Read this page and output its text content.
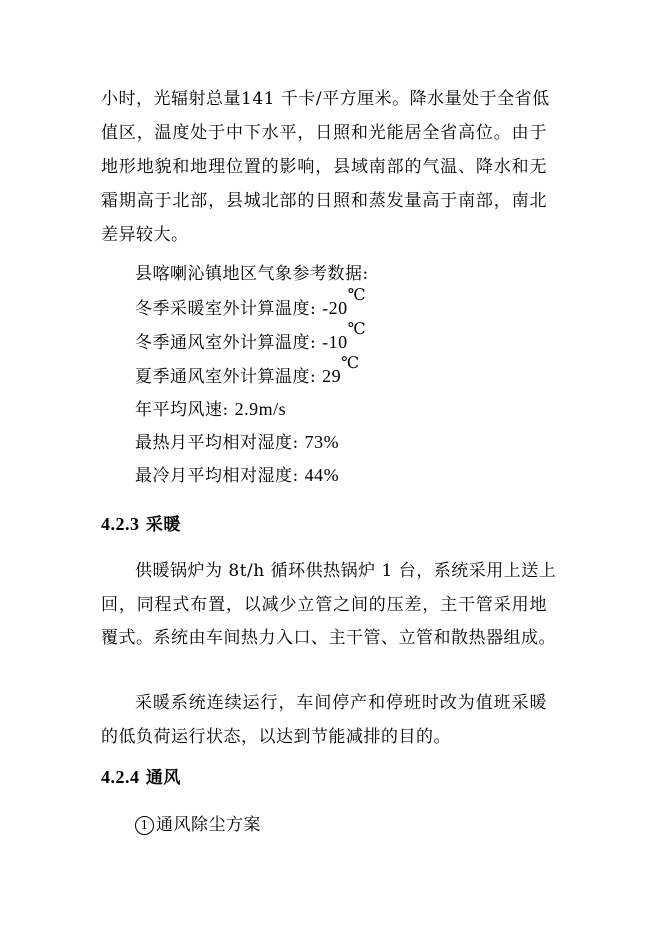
小时，光辐射总量141 千卡/平方厘米。降水量处于全省低
值区，温度处于中下水平，日照和光能居全省高位。由于
地形地貌和地理位置的影响，县域南部的气温、降水和无
霜期高于北部，县城北部的日照和蒸发量高于南部，南北
差异较大。
县喀喇沁镇地区气象参考数据:
冬季采暖室外计算温度: -20℃
冬季通风室外计算温度: -10℃
夏季通风室外计算温度: 29℃
年平均风速: 2.9m/s
最热月平均相对湿度: 73%
最冷月平均相对湿度: 44%
4.2.3 采暖
供暖锅炉为 8t/h 循环供热锅炉 1 台，系统采用上送上
回，同程式布置，以减少立管之间的压差，主干管采用地
覆式。系统由车间热力入口、主干管、立管和散热器组成。
采暖系统连续运行，车间停产和停班时改为值班采暖
的低负荷运行状态，以达到节能减排的目的。
4.2.4 通风
1 通风除尘方案
